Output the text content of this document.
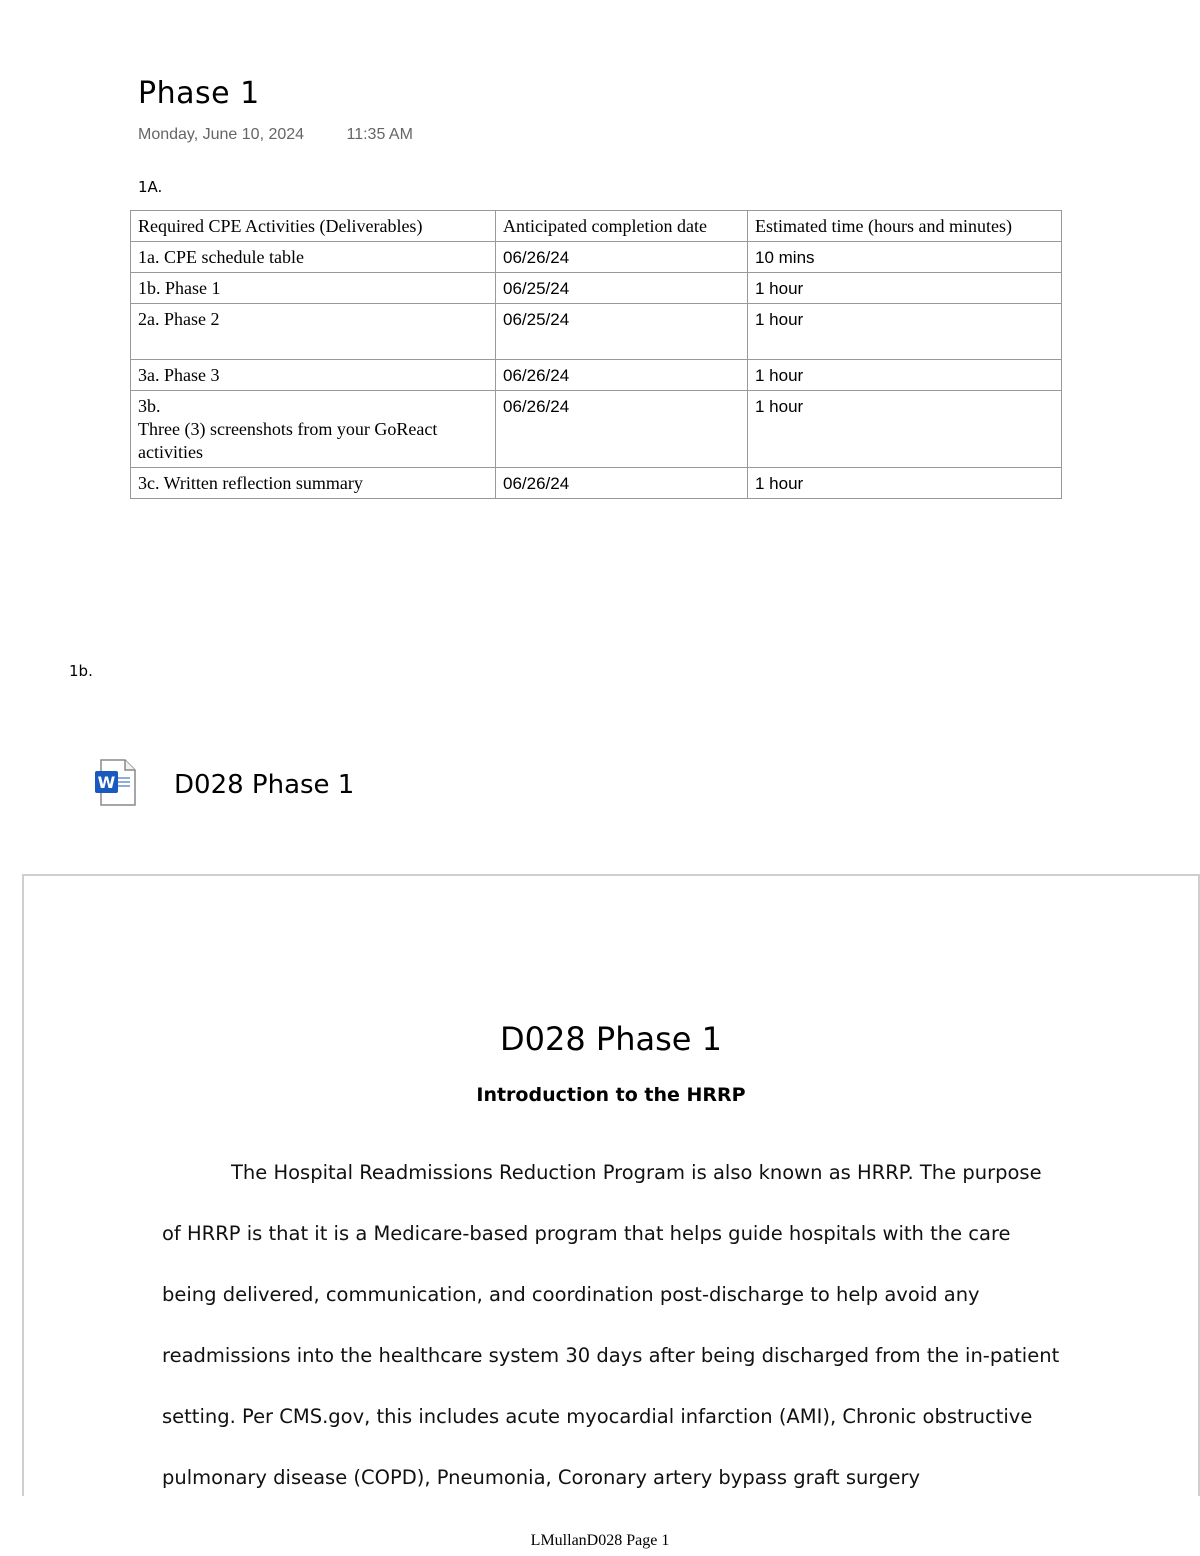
Phase 1
Monday, June 10, 2024	11:35 AM
1A.
Required CPE Activities (Deliverables)	Anticipated completion date	Estimated time (hours and minutes)
1a. CPE schedule table	06/26/24	10 mins
1b. Phase 1	06/25/24	1 hour
2a. Phase 2	06/25/24	1 hour
3a. Phase 3	06/26/24	1 hour

3b.
Three (3) screenshots from your GoReact activities	06/26/24	1 hour
3c. Written reflection summary	06/26/24	1 hour
1b.
W D028 Phase 1
D028 Phase 1
Introduction to the HRRP

The Hospital Readmissions Reduction Program is also known as HRRP. The purpose of HRRP is that it is a Medicare-based program that helps guide hospitals with the care being delivered, communication, and coordination post-discharge to help avoid any readmissions into the healthcare system 30 days after being discharged from the in-patient setting. Per CMS.gov, this includes acute myocardial infarction (AMI), Chronic obstructive pulmonary disease (COPD), Pneumonia, Coronary artery bypass graft surgery

LMullanD028 Page 1
